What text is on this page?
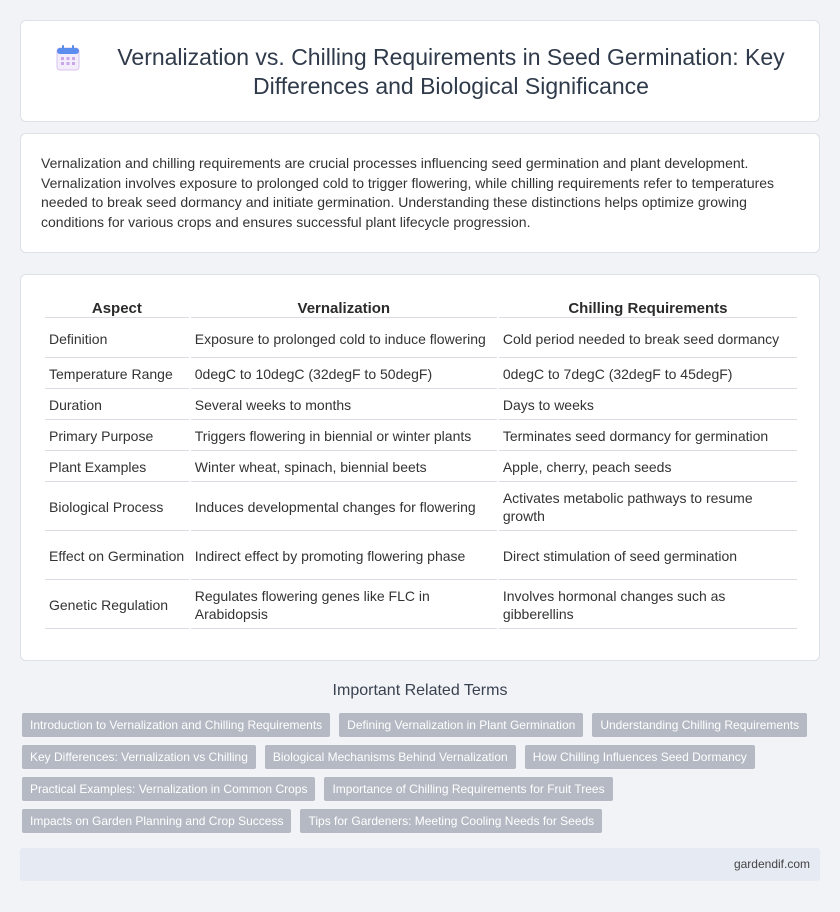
Vernalization vs. Chilling Requirements in Seed Germination: Key Differences and Biological Significance

Vernalization and chilling requirements are crucial processes influencing seed germination and plant development. Vernalization involves exposure to prolonged cold to trigger flowering, while chilling requirements refer to temperatures needed to break seed dormancy and initiate germination. Understanding these distinctions helps optimize growing conditions for various crops and ensures successful plant lifecycle progression.

Aspect	Vernalization	Chilling Requirements
Definition	Exposure to prolonged cold to induce flowering	Cold period needed to break seed dormancy
Temperature Range	0degC to 10degC (32degF to 50degF)	0degC to 7degC (32degF to 45degF)
Duration	Several weeks to months	Days to weeks
Primary Purpose	Triggers flowering in biennial or winter plants	Terminates seed dormancy for germination
Plant Examples	Winter wheat, spinach, biennial beets	Apple, cherry, peach seeds
Biological Process	Induces developmental changes for flowering	Activates metabolic pathways to resume growth
Effect on Germination	Indirect effect by promoting flowering phase	Direct stimulation of seed germination
Genetic Regulation	Regulates flowering genes like FLC in Arabidopsis	Involves hormonal changes such as gibberellins
Important Related Terms
Introduction to Vernalization and Chilling Requirements	Defining Vernalization in Plant Germination	Understanding Chilling Requirements
Key Differences: Vernalization vs Chilling	Biological Mechanisms Behind Vernalization	How Chilling Influences Seed Dormancy
Practical Examples: Vernalization in Common Crops	Importance of Chilling Requirements for Fruit Trees
Impacts on Garden Planning and Crop Success	Tips for Gardeners: Meeting Cooling Needs for Seeds
gardendif.com
